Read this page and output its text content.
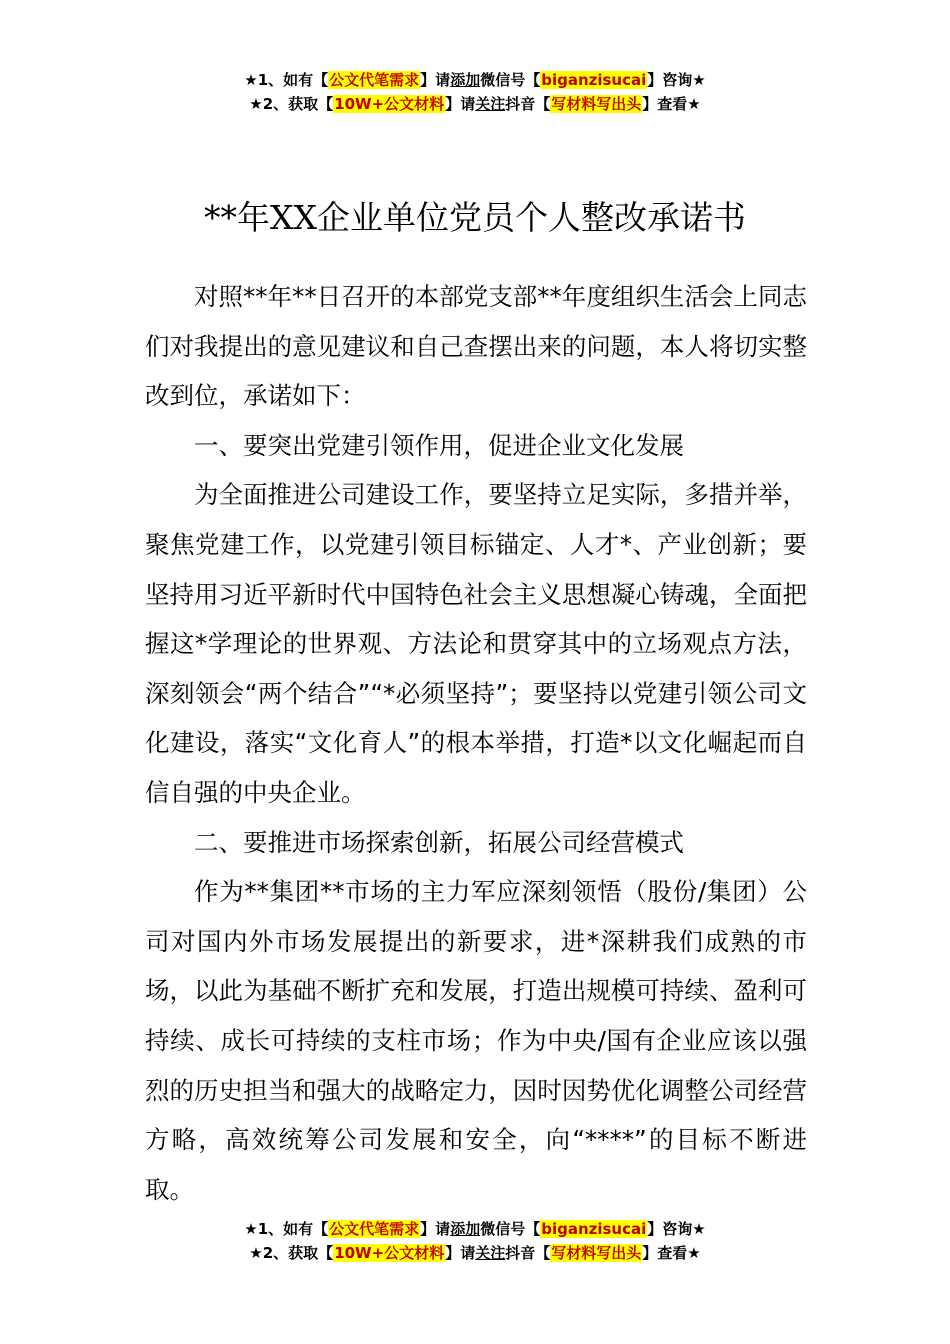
★1、如有【公文代笔需求】请添加微信号【biganzisucai】咨询★
★2、获取【10W+公文材料】请关注抖音【写材料写出头】查看★
**年XX企业单位党员个人整改承诺书

对照**年**日召开的本部党支部**年度组织生活会上同志们对我提出的意见建议和自己查摆出来的问题，本人将切实整改到位，承诺如下：

一、要突出党建引领作用，促进企业文化发展

为全面推进公司建设工作，要坚持立足实际，多措并举，聚焦党建工作，以党建引领目标锚定、人才*、产业创新；要坚持用习近平新时代中国特色社会主义思想凝心铸魂，全面把握这*学理论的世界观、方法论和贯穿其中的立场观点方法，深刻领会“两个结合”“*必须坚持”；要坚持以党建引领公司文化建设，落实“文化育人”的根本举措，打造*以文化崛起而自信自强的中央企业。

二、要推进市场探索创新，拓展公司经营模式

作为**集团**市场的主力军应深刻领悟（股份/集团）公司对国内外市场发展提出的新要求，进*深耕我们成熟的市场，以此为基础不断扩充和发展，打造出规模可持续、盈利可持续、成长可持续的支柱市场；作为中央/国有企业应该以强烈的历史担当和强大的战略定力，因时因势优化调整公司经营方略，高效统筹公司发展和安全，向“****”的目标不断进取。

★1、如有【公文代笔需求】请添加微信号【biganzisucai】咨询★
★2、获取【10W+公文材料】请关注抖音【写材料写出头】查看★
